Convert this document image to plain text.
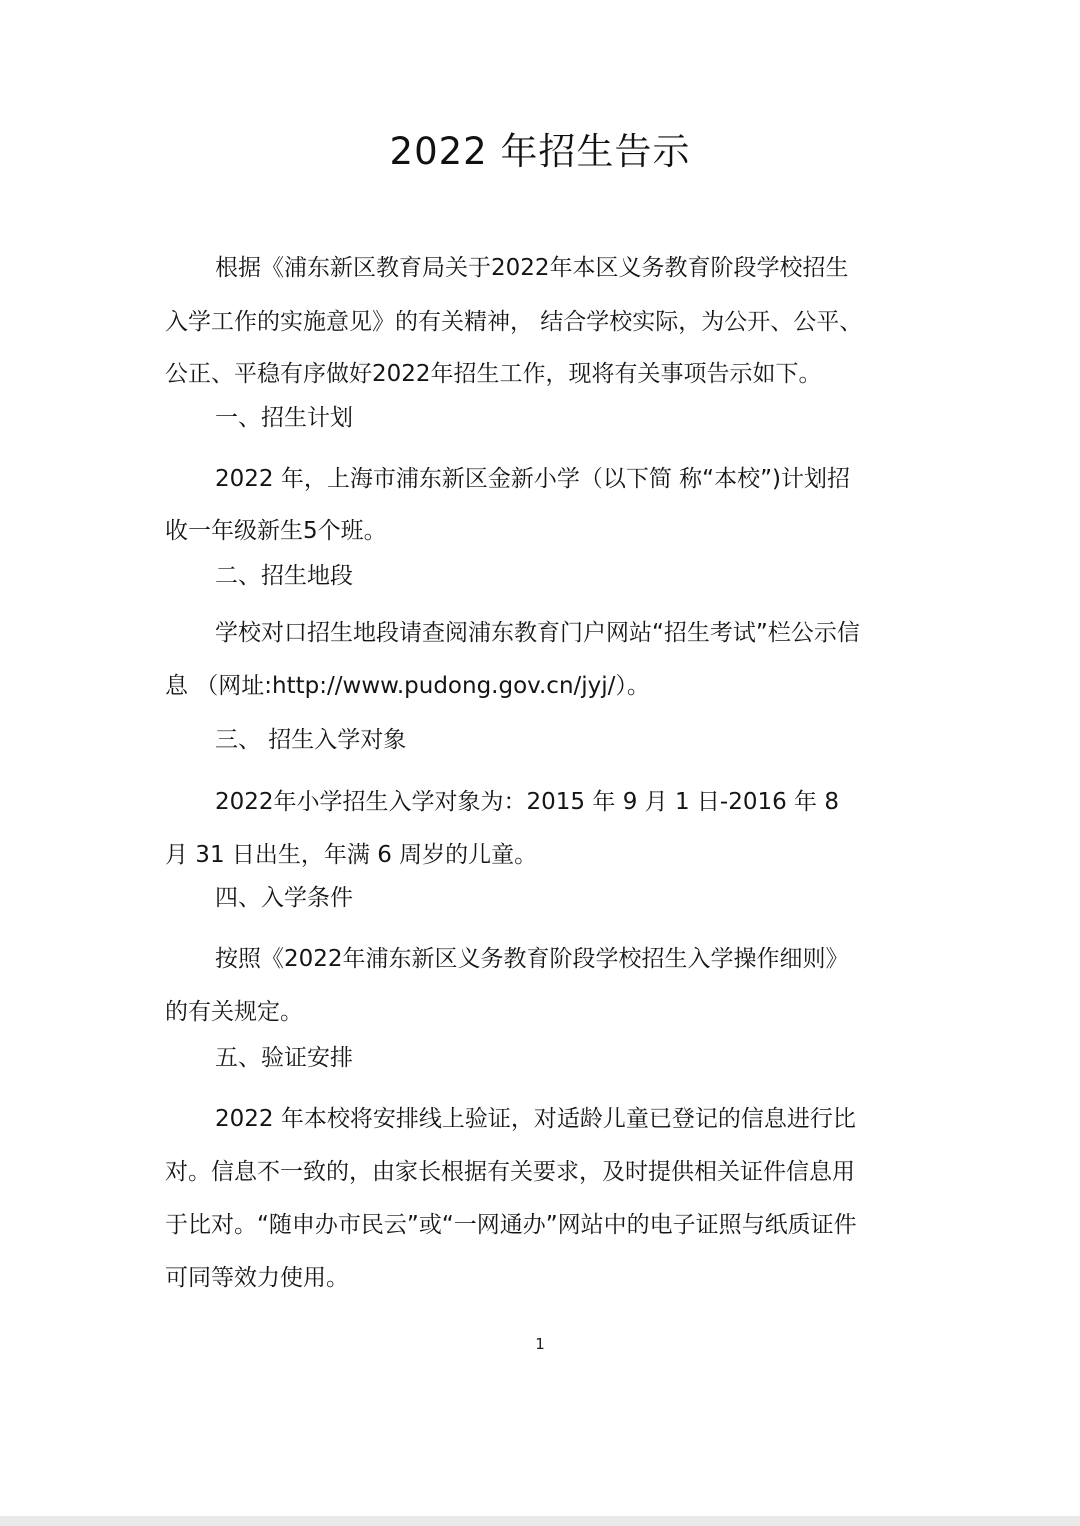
2022 年招生告示
根据《浦东新区教育局关于2022年本区义务教育阶段学校招生
入学工作的实施意见》的有关精神， 结合学校实际，为公开、公平、
公正、平稳有序做好2022年招生工作，现将有关事项告示如下。
一、招生计划
2022 年，上海市浦东新区金新小学（以下简 称“本校”)计划招
收一年级新生5个班。
二、招生地段
学校对口招生地段请查阅浦东教育门户网站“招生考试”栏公示信
息 （网址:http://www.pudong.gov.cn/jyj/）。
三、 招生入学对象
2022年小学招生入学对象为：2015 年 9 月 1 日-2016 年 8
月 31 日出生，年满 6 周岁的儿童。
四、入学条件
按照《2022年浦东新区义务教育阶段学校招生入学操作细则》
的有关规定。
五、验证安排
2022 年本校将安排线上验证，对适龄儿童已登记的信息进行比
对。信息不一致的，由家长根据有关要求，及时提供相关证件信息用
于比对。“随申办市民云”或“一网通办”网站中的电子证照与纸质证件
可同等效力使用。
1
